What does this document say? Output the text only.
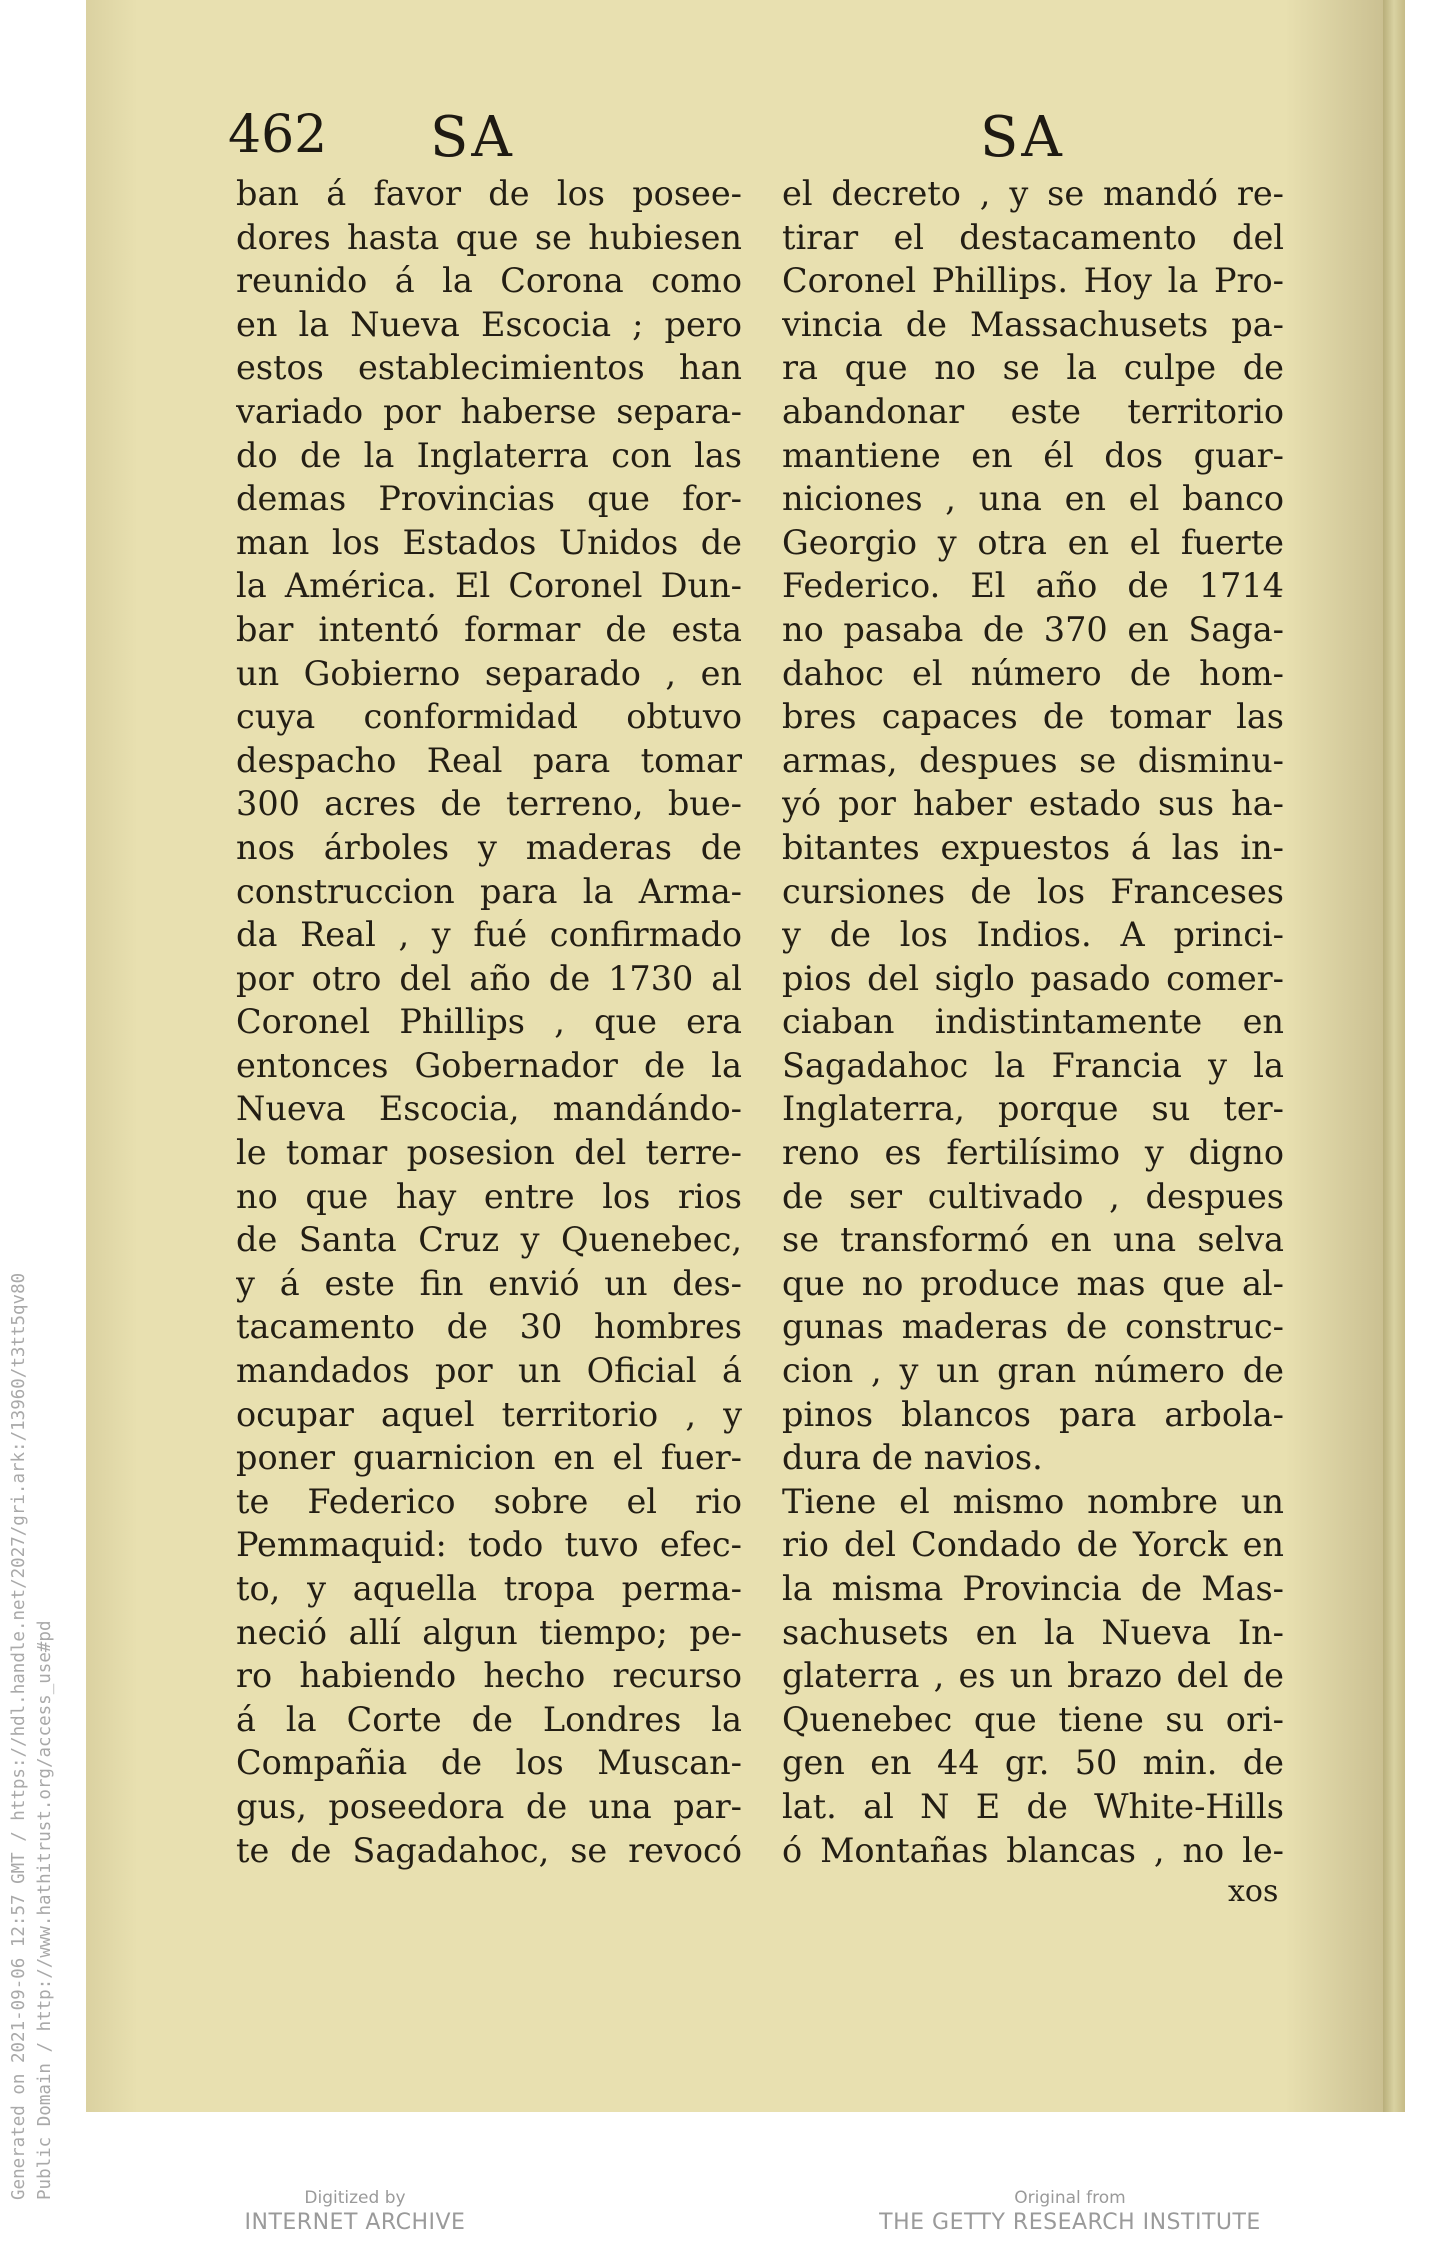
462 SA	SA
ban á favor de los posee-
dores hasta que se hubiesen
reunido á la Corona como
en la Nueva Escocia ; pero
estos establecimientos han
variado por haberse separa-
do de la Inglaterra con las
demas Provincias que for-
man los Estados Unidos de
la América. El Coronel Dun-
bar intentó formar de esta
un Gobierno separado , en
cuya conformidad obtuvo
despacho Real para tomar
300 acres de terreno, bue-
nos árboles y maderas de
construccion para la Arma-
da Real , y fué confirmado
por otro del año de 1730 al
Coronel Phillips , que era
entonces Gobernador de la
Nueva Escocia, mandándo-
le tomar posesion del terre-
no que hay entre los rios
de Santa Cruz y Quenebec,
y á este fin envió un des-
tacamento de 30 hombres
mandados por un Oficial á
ocupar aquel territorio , y
poner guarnicion en el fuer-
te Federico sobre el rio
Pemmaquid: todo tuvo efec-
to, y aquella tropa perma-
neció allí algun tiempo; pe-
ro habiendo hecho recurso
á la Corte de Londres la
Compañia de los Muscan-
gus, poseedora de una par-
te de Sagadahoc, se revocó
el decreto , y se mandó re-
tirar el destacamento del
Coronel Phillips. Hoy la Pro-
vincia de Massachusets pa-
ra que no se la culpe de
abandonar este territorio
mantiene en él dos guar-
niciones , una en el banco
Georgio y otra en el fuerte
Federico. El año de 1714
no pasaba de 370 en Saga-
dahoc el número de hom-
bres capaces de tomar las
armas, despues se disminu-
yó por haber estado sus ha-
bitantes expuestos á las in-
cursiones de los Franceses
y de los Indios. A princi-
pios del siglo pasado comer-
ciaban indistintamente en
Sagadahoc la Francia y la
Inglaterra, porque su ter-
reno es fertilísimo y digno
de ser cultivado , despues
se transformó en una selva
que no produce mas que al-
gunas maderas de construc-
cion , y un gran número de
pinos blancos para arbola-
dura de navios.
Tiene el mismo nombre un
rio del Condado de Yorck en
la misma Provincia de Mas-
sachusets en la Nueva In-
glaterra , es un brazo del de
Quenebec que tiene su ori-
gen en 44 gr. 50 min. de
lat. al N E de White-Hills
ó Montañas blancas , no le-
xos
Generated on 2021-09-06 12:57 GMT / https://hdl.handle.net/2027/gri.ark:/13960/t3tt5qv80 Public Domain / http://www.hathitrust.org/access_use#pd	Digitized by
INTERNET ARCHIVE
Original from
THE GETTY RESEARCH INSTITUTE
